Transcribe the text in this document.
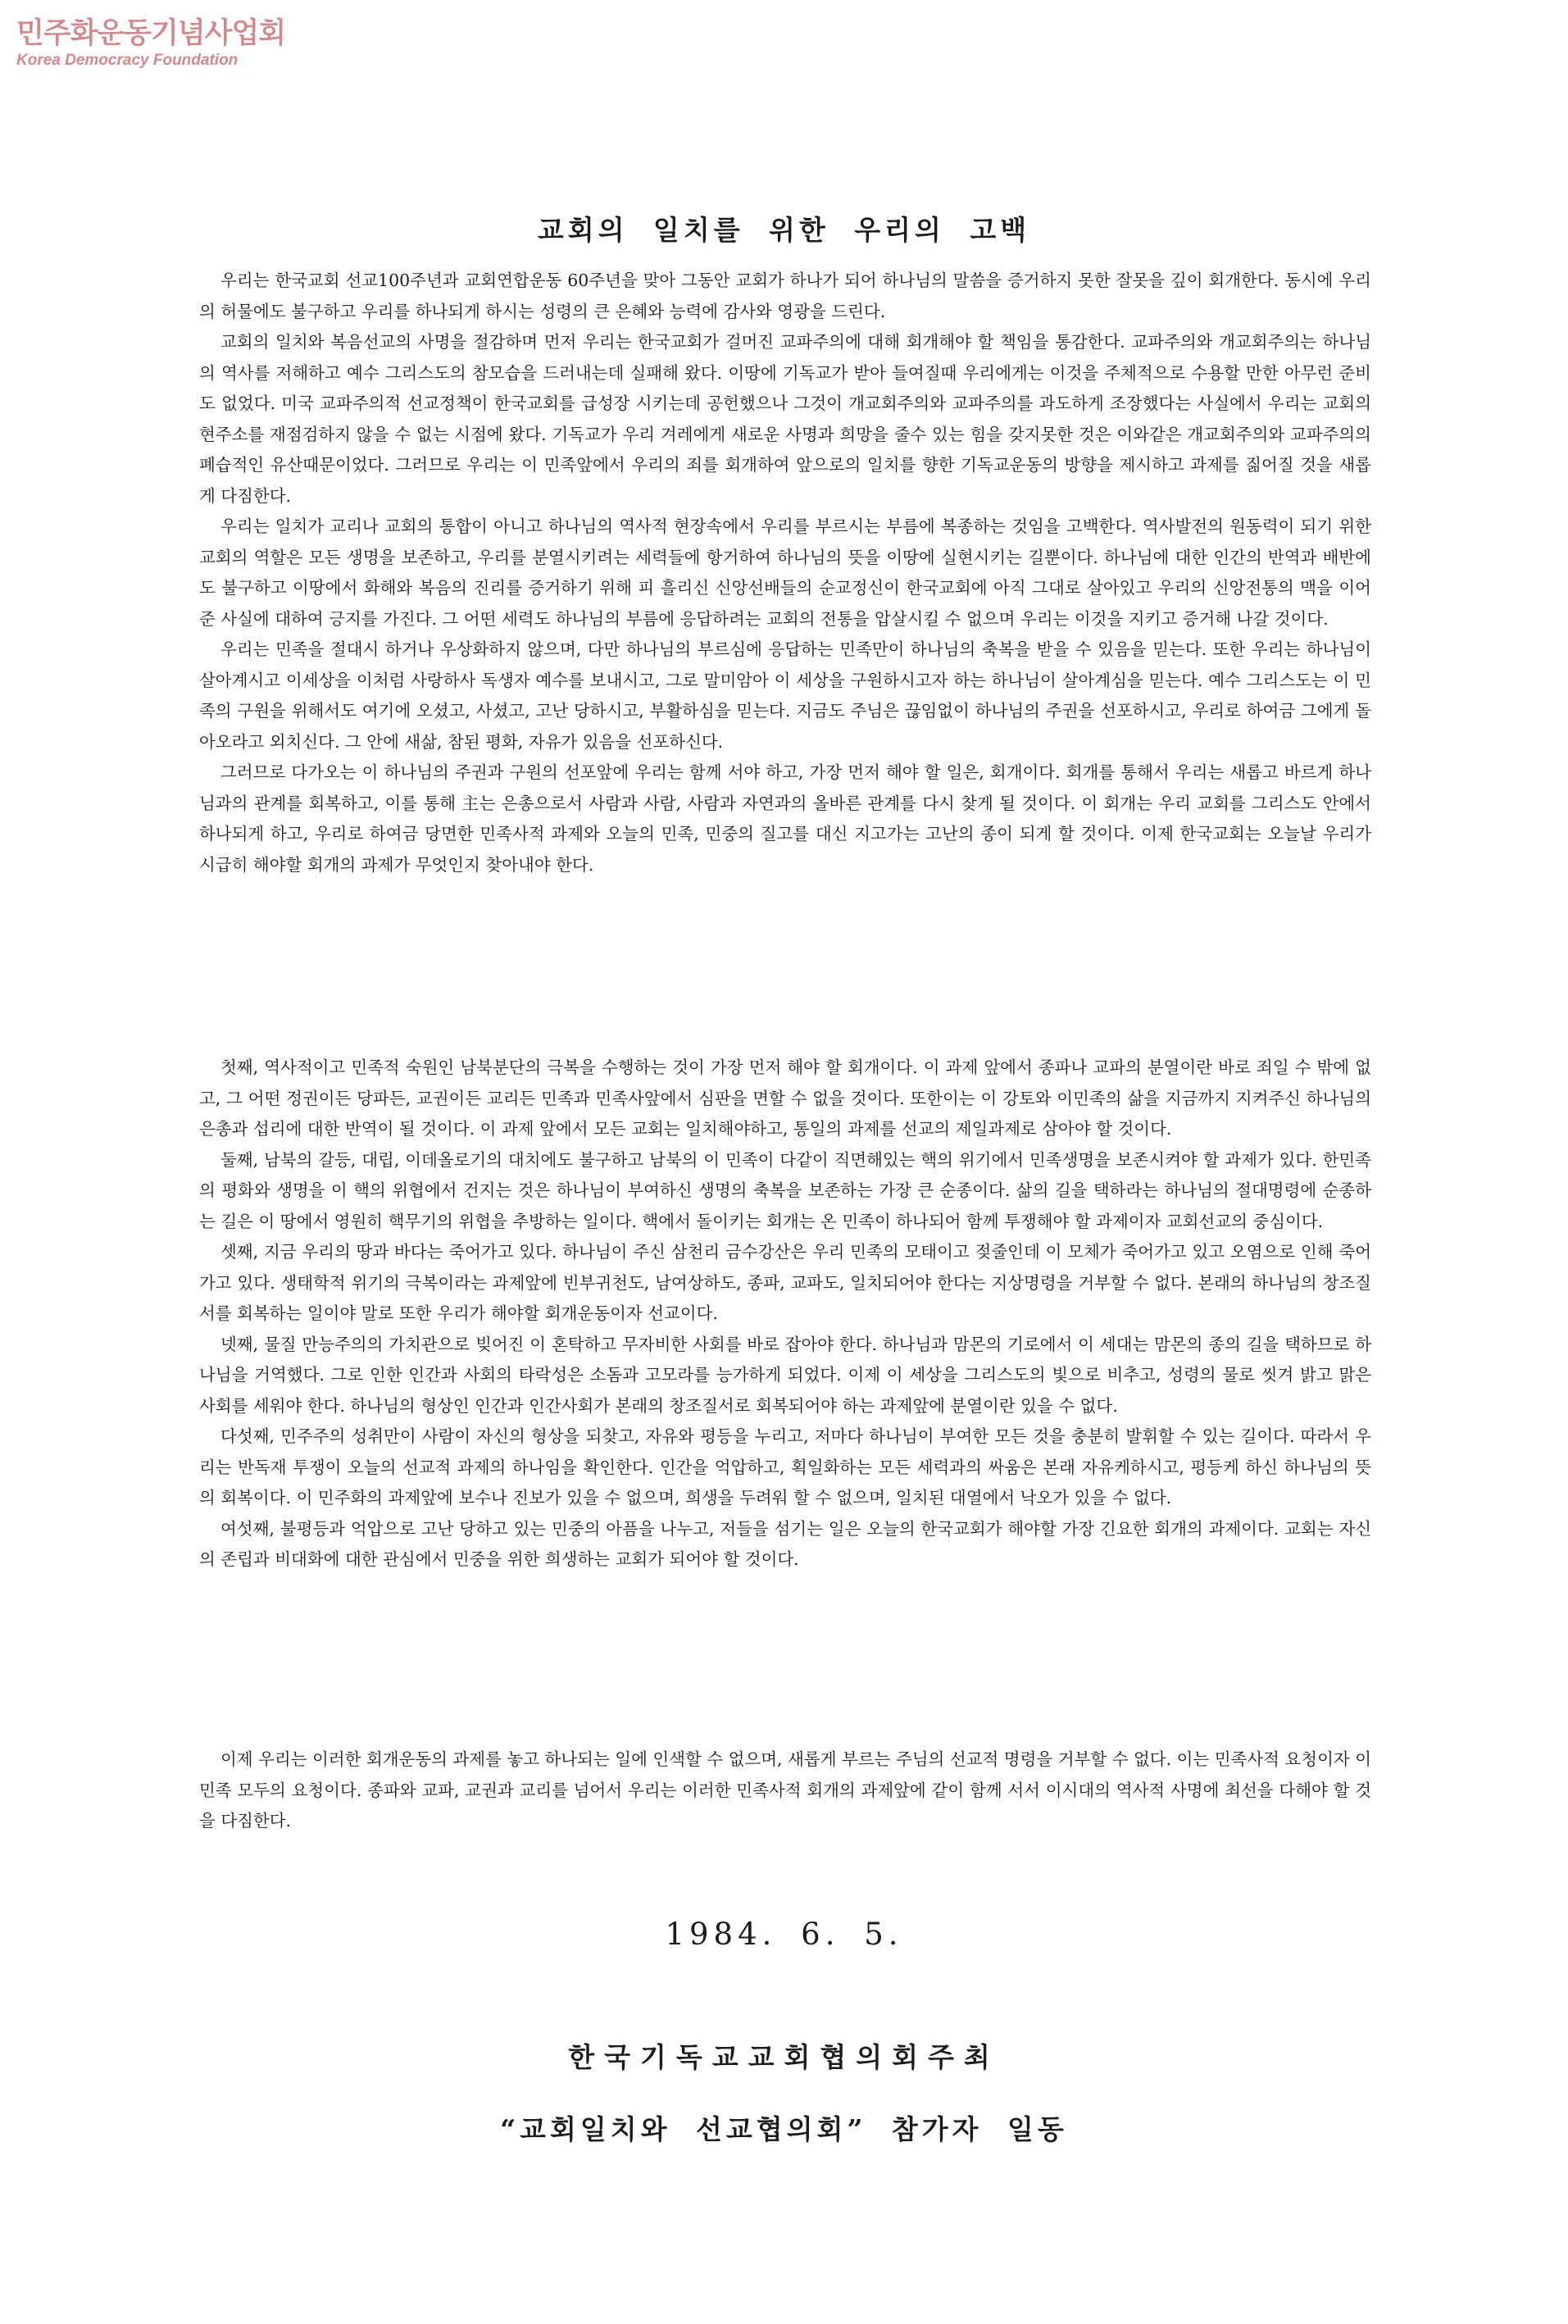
민주화운동기념사업회
Korea Democracy Foundation
교회의 일치를 위한 우리의 고백

우리는 한국교회 선교100주년과 교회연합운동 60주년을 맞아 그동안 교회가 하나가 되어 하나님의 말씀을 증거하지 못한 잘못을 깊이 회개한다. 동시에 우리의 허물에도 불구하고 우리를 하나되게 하시는 성령의 큰 은혜와 능력에 감사와 영광을 드린다.

교회의 일치와 복음선교의 사명을 절감하며 먼저 우리는 한국교회가 걸머진 교파주의에 대해 회개해야 할 책임을 통감한다. 교파주의와 개교회주의는 하나님의 역사를 저해하고 예수 그리스도의 참모습을 드러내는데 실패해 왔다. 이땅에 기독교가 받아 들여질때 우리에게는 이것을 주체적으로 수용할 만한 아무런 준비도 없었다. 미국 교파주의적 선교정책이 한국교회를 급성장 시키는데 공헌했으나 그것이 개교회주의와 교파주의를 과도하게 조장했다는 사실에서 우리는 교회의 현주소를 재점검하지 않을 수 없는 시점에 왔다. 기독교가 우리 겨레에게 새로운 사명과 희망을 줄수 있는 힘을 갖지못한 것은 이와같은 개교회주의와 교파주의의 폐습적인 유산때문이었다. 그러므로 우리는 이 민족앞에서 우리의 죄를 회개하여 앞으로의 일치를 향한 기독교운동의 방향을 제시하고 과제를 짊어질 것을 새롭게 다짐한다.

우리는 일치가 교리나 교회의 통합이 아니고 하나님의 역사적 현장속에서 우리를 부르시는 부름에 복종하는 것임을 고백한다. 역사발전의 원동력이 되기 위한 교회의 역할은 모든 생명을 보존하고, 우리를 분열시키려는 세력들에 항거하여 하나님의 뜻을 이땅에 실현시키는 길뿐이다. 하나님에 대한 인간의 반역과 배반에도 불구하고 이땅에서 화해와 복음의 진리를 증거하기 위해 피 흘리신 신앙선배들의 순교정신이 한국교회에 아직 그대로 살아있고 우리의 신앙전통의 맥을 이어준 사실에 대하여 긍지를 가진다. 그 어떤 세력도 하나님의 부름에 응답하려는 교회의 전통을 압살시킬 수 없으며 우리는 이것을 지키고 증거해 나갈 것이다.

우리는 민족을 절대시 하거나 우상화하지 않으며, 다만 하나님의 부르심에 응답하는 민족만이 하나님의 축복을 받을 수 있음을 믿는다. 또한 우리는 하나님이 살아계시고 이세상을 이처럼 사랑하사 독생자 예수를 보내시고, 그로 말미암아 이 세상을 구원하시고자 하는 하나님이 살아계심을 믿는다. 예수 그리스도는 이 민족의 구원을 위해서도 여기에 오셨고, 사셨고, 고난 당하시고, 부활하심을 믿는다. 지금도 주님은 끊임없이 하나님의 주권을 선포하시고, 우리로 하여금 그에게 돌아오라고 외치신다. 그 안에 새삶, 참된 평화, 자유가 있음을 선포하신다.

그러므로 다가오는 이 하나님의 주권과 구원의 선포앞에 우리는 함께 서야 하고, 가장 먼저 해야 할 일은, 회개이다. 회개를 통해서 우리는 새롭고 바르게 하나님과의 관계를 회복하고, 이를 통해 主는 은총으로서 사람과 사람, 사람과 자연과의 올바른 관계를 다시 찾게 될 것이다. 이 회개는 우리 교회를 그리스도 안에서 하나되게 하고, 우리로 하여금 당면한 민족사적 과제와 오늘의 민족, 민중의 질고를 대신 지고가는 고난의 종이 되게 할 것이다. 이제 한국교회는 오늘날 우리가 시급히 해야할 회개의 과제가 무엇인지 찾아내야 한다.

첫째, 역사적이고 민족적 숙원인 남북분단의 극복을 수행하는 것이 가장 먼저 해야 할 회개이다. 이 과제 앞에서 종파나 교파의 분열이란 바로 죄일 수 밖에 없고, 그 어떤 정권이든 당파든, 교권이든 교리든 민족과 민족사앞에서 심판을 면할 수 없을 것이다. 또한이는 이 강토와 이민족의 삶을 지금까지 지켜주신 하나님의 은총과 섭리에 대한 반역이 될 것이다. 이 과제 앞에서 모든 교회는 일치해야하고, 통일의 과제를 선교의 제일과제로 삼아야 할 것이다.

둘째, 남북의 갈등, 대립, 이데올로기의 대치에도 불구하고 남북의 이 민족이 다같이 직면해있는 핵의 위기에서 민족생명을 보존시켜야 할 과제가 있다. 한민족의 평화와 생명을 이 핵의 위협에서 건지는 것은 하나님이 부여하신 생명의 축복을 보존하는 가장 큰 순종이다. 삶의 길을 택하라는 하나님의 절대명령에 순종하는 길은 이 땅에서 영원히 핵무기의 위협을 추방하는 일이다. 핵에서 돌이키는 회개는 온 민족이 하나되어 함께 투쟁해야 할 과제이자 교회선교의 중심이다.

셋째, 지금 우리의 땅과 바다는 죽어가고 있다. 하나님이 주신 삼천리 금수강산은 우리 민족의 모태이고 젖줄인데 이 모체가 죽어가고 있고 오염으로 인해 죽어가고 있다. 생태학적 위기의 극복이라는 과제앞에 빈부귀천도, 남여상하도, 종파, 교파도, 일치되어야 한다는 지상명령을 거부할 수 없다. 본래의 하나님의 창조질서를 회복하는 일이야 말로 또한 우리가 해야할 회개운동이자 선교이다.

넷째, 물질 만능주의의 가치관으로 빚어진 이 혼탁하고 무자비한 사회를 바로 잡아야 한다. 하나님과 맘몬의 기로에서 이 세대는 맘몬의 종의 길을 택하므로 하나님을 거역했다. 그로 인한 인간과 사회의 타락성은 소돔과 고모라를 능가하게 되었다. 이제 이 세상을 그리스도의 빛으로 비추고, 성령의 물로 씻겨 밝고 맑은 사회를 세워야 한다. 하나님의 형상인 인간과 인간사회가 본래의 창조질서로 회복되어야 하는 과제앞에 분열이란 있을 수 없다.

다섯째, 민주주의 성취만이 사람이 자신의 형상을 되찾고, 자유와 평등을 누리고, 저마다 하나님이 부여한 모든 것을 충분히 발휘할 수 있는 길이다. 따라서 우리는 반독재 투쟁이 오늘의 선교적 과제의 하나임을 확인한다. 인간을 억압하고, 획일화하는 모든 세력과의 싸움은 본래 자유케하시고, 평등케 하신 하나님의 뜻의 회복이다. 이 민주화의 과제앞에 보수나 진보가 있을 수 없으며, 희생을 두려워 할 수 없으며, 일치된 대열에서 낙오가 있을 수 없다.

여섯째, 불평등과 억압으로 고난 당하고 있는 민중의 아픔을 나누고, 저들을 섬기는 일은 오늘의 한국교회가 해야할 가장 긴요한 회개의 과제이다. 교회는 자신의 존립과 비대화에 대한 관심에서 민중을 위한 희생하는 교회가 되어야 할 것이다.

이제 우리는 이러한 회개운동의 과제를 놓고 하나되는 일에 인색할 수 없으며, 새롭게 부르는 주님의 선교적 명령을 거부할 수 없다. 이는 민족사적 요청이자 이 민족 모두의 요청이다. 종파와 교파, 교권과 교리를 넘어서 우리는 이러한 민족사적 회개의 과제앞에 같이 함께 서서 이시대의 역사적 사명에 최선을 다해야 할 것을 다짐한다.

1984. 6. 5.
한국기독교교회협의회주최
“교회일치와 선교협의회” 참가자 일동
